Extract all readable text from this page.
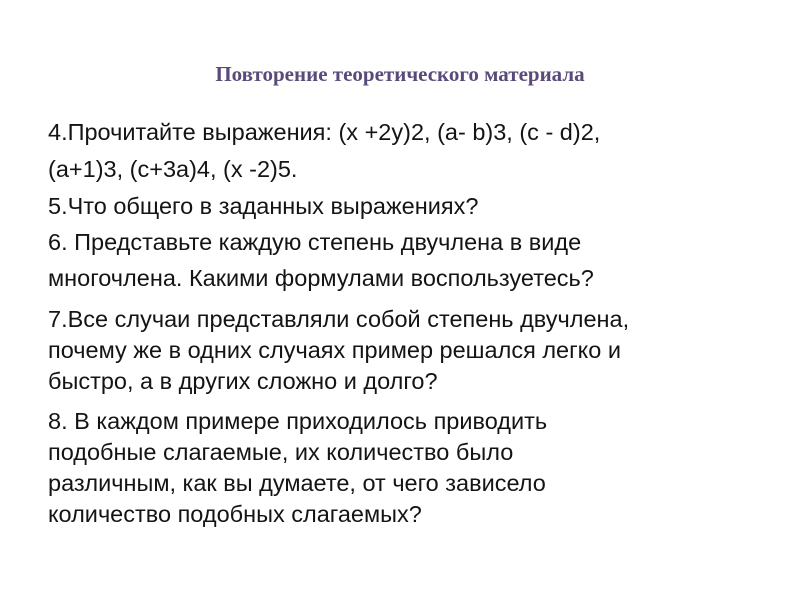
Повторение теоретического материала

4.Прочитайте выражения: (x +2y)2, (a- b)3, (c - d)2,
(a+1)3, (c+3a)4, (x -2)5.

5.Что общего в заданных выражениях?

6. Представьте каждую степень двучлена в виде
многочлена. Какими формулами воспользуетесь?

7.Все случаи представляли собой степень двучлена,
почему же в одних случаях пример решался легко и
быстро, а в других сложно и долго?

8. В каждом примере приходилось приводить
подобные слагаемые, их количество было
различным, как вы думаете, от чего зависело
количество подобных слагаемых?
